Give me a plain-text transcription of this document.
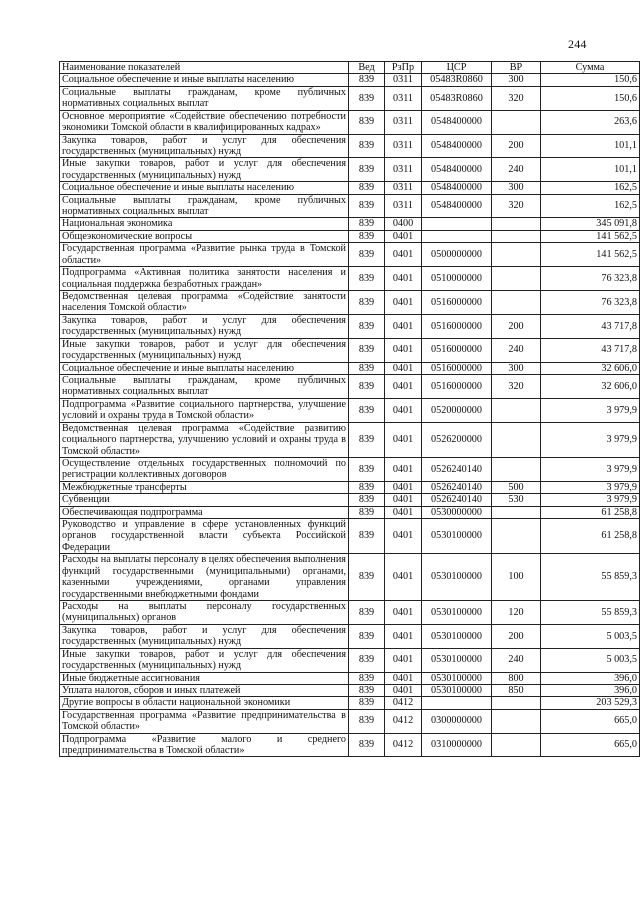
244
Наименование показателей	Вед	РзПр	ЦСР	ВР	Сумма
Социальное обеспечение и иные выплаты населению	839	0311	05483R0860	300	150,6
Социальные выплаты гражданам, кроме публичных нормативных социальных выплат	839	0311	05483R0860	320	150,6
Основное мероприятие «Содействие обеспечению потребности экономики Томской области в квалифицированных кадрах»	839	0311	0548400000		263,6
Закупка товаров, работ и услуг для обеспечения государственных (муниципальных) нужд	839	0311	0548400000	200	101,1
Иные закупки товаров, работ и услуг для обеспечения государственных (муниципальных) нужд	839	0311	0548400000	240	101,1
Социальное обеспечение и иные выплаты населению	839	0311	0548400000	300	162,5
Социальные выплаты гражданам, кроме публичных нормативных социальных выплат	839	0311	0548400000	320	162,5
Национальная экономика	839	0400			345 091,8
Общеэкономические вопросы	839	0401			141 562,5
Государственная программа «Развитие рынка труда в Томской области»	839	0401	0500000000		141 562,5
Подпрограмма «Активная политика занятости населения и социальная поддержка безработных граждан»	839	0401	0510000000		76 323,8
Ведомственная целевая программа «Содействие занятости населения Томской области»	839	0401	0516000000		76 323,8
Закупка товаров, работ и услуг для обеспечения государственных (муниципальных) нужд	839	0401	0516000000	200	43 717,8
Иные закупки товаров, работ и услуг для обеспечения государственных (муниципальных) нужд	839	0401	0516000000	240	43 717,8
Социальное обеспечение и иные выплаты населению	839	0401	0516000000	300	32 606,0
Социальные выплаты гражданам, кроме публичных нормативных социальных выплат	839	0401	0516000000	320	32 606,0
Подпрограмма «Развитие социального партнерства, улучшение условий и охраны труда в Томской области»	839	0401	0520000000		3 979,9
Ведомственная целевая программа «Содействие развитию социального партнерства, улучшению условий и охраны труда в Томской области»	839	0401	0526200000		3 979,9
Осуществление отдельных государственных полномочий по регистрации коллективных договоров	839	0401	0526240140		3 979,9
Межбюджетные трансферты	839	0401	0526240140	500	3 979,9
Субвенции	839	0401	0526240140	530	3 979,9
Обеспечивающая подпрограмма	839	0401	0530000000		61 258,8
Руководство и управление в сфере установленных функций органов государственной власти субъекта Российской Федерации	839	0401	0530100000		61 258,8
Расходы на выплаты персоналу в целях обеспечения выполнения функций государственными (муниципальными) органами, казенными учреждениями, органами управления государственными внебюджетными фондами	839	0401	0530100000	100	55 859,3
Расходы на выплаты персоналу государственных (муниципальных) органов	839	0401	0530100000	120	55 859,3
Закупка товаров, работ и услуг для обеспечения государственных (муниципальных) нужд	839	0401	0530100000	200	5 003,5
Иные закупки товаров, работ и услуг для обеспечения государственных (муниципальных) нужд	839	0401	0530100000	240	5 003,5
Иные бюджетные ассигнования	839	0401	0530100000	800	396,0
Уплата налогов, сборов и иных платежей	839	0401	0530100000	850	396,0
Другие вопросы в области национальной экономики	839	0412			203 529,3
Государственная программа «Развитие предпринимательства в Томской области»	839	0412	0300000000		665,0
Подпрограмма «Развитие малого и среднего предпринимательства в Томской области»	839	0412	0310000000		665,0
